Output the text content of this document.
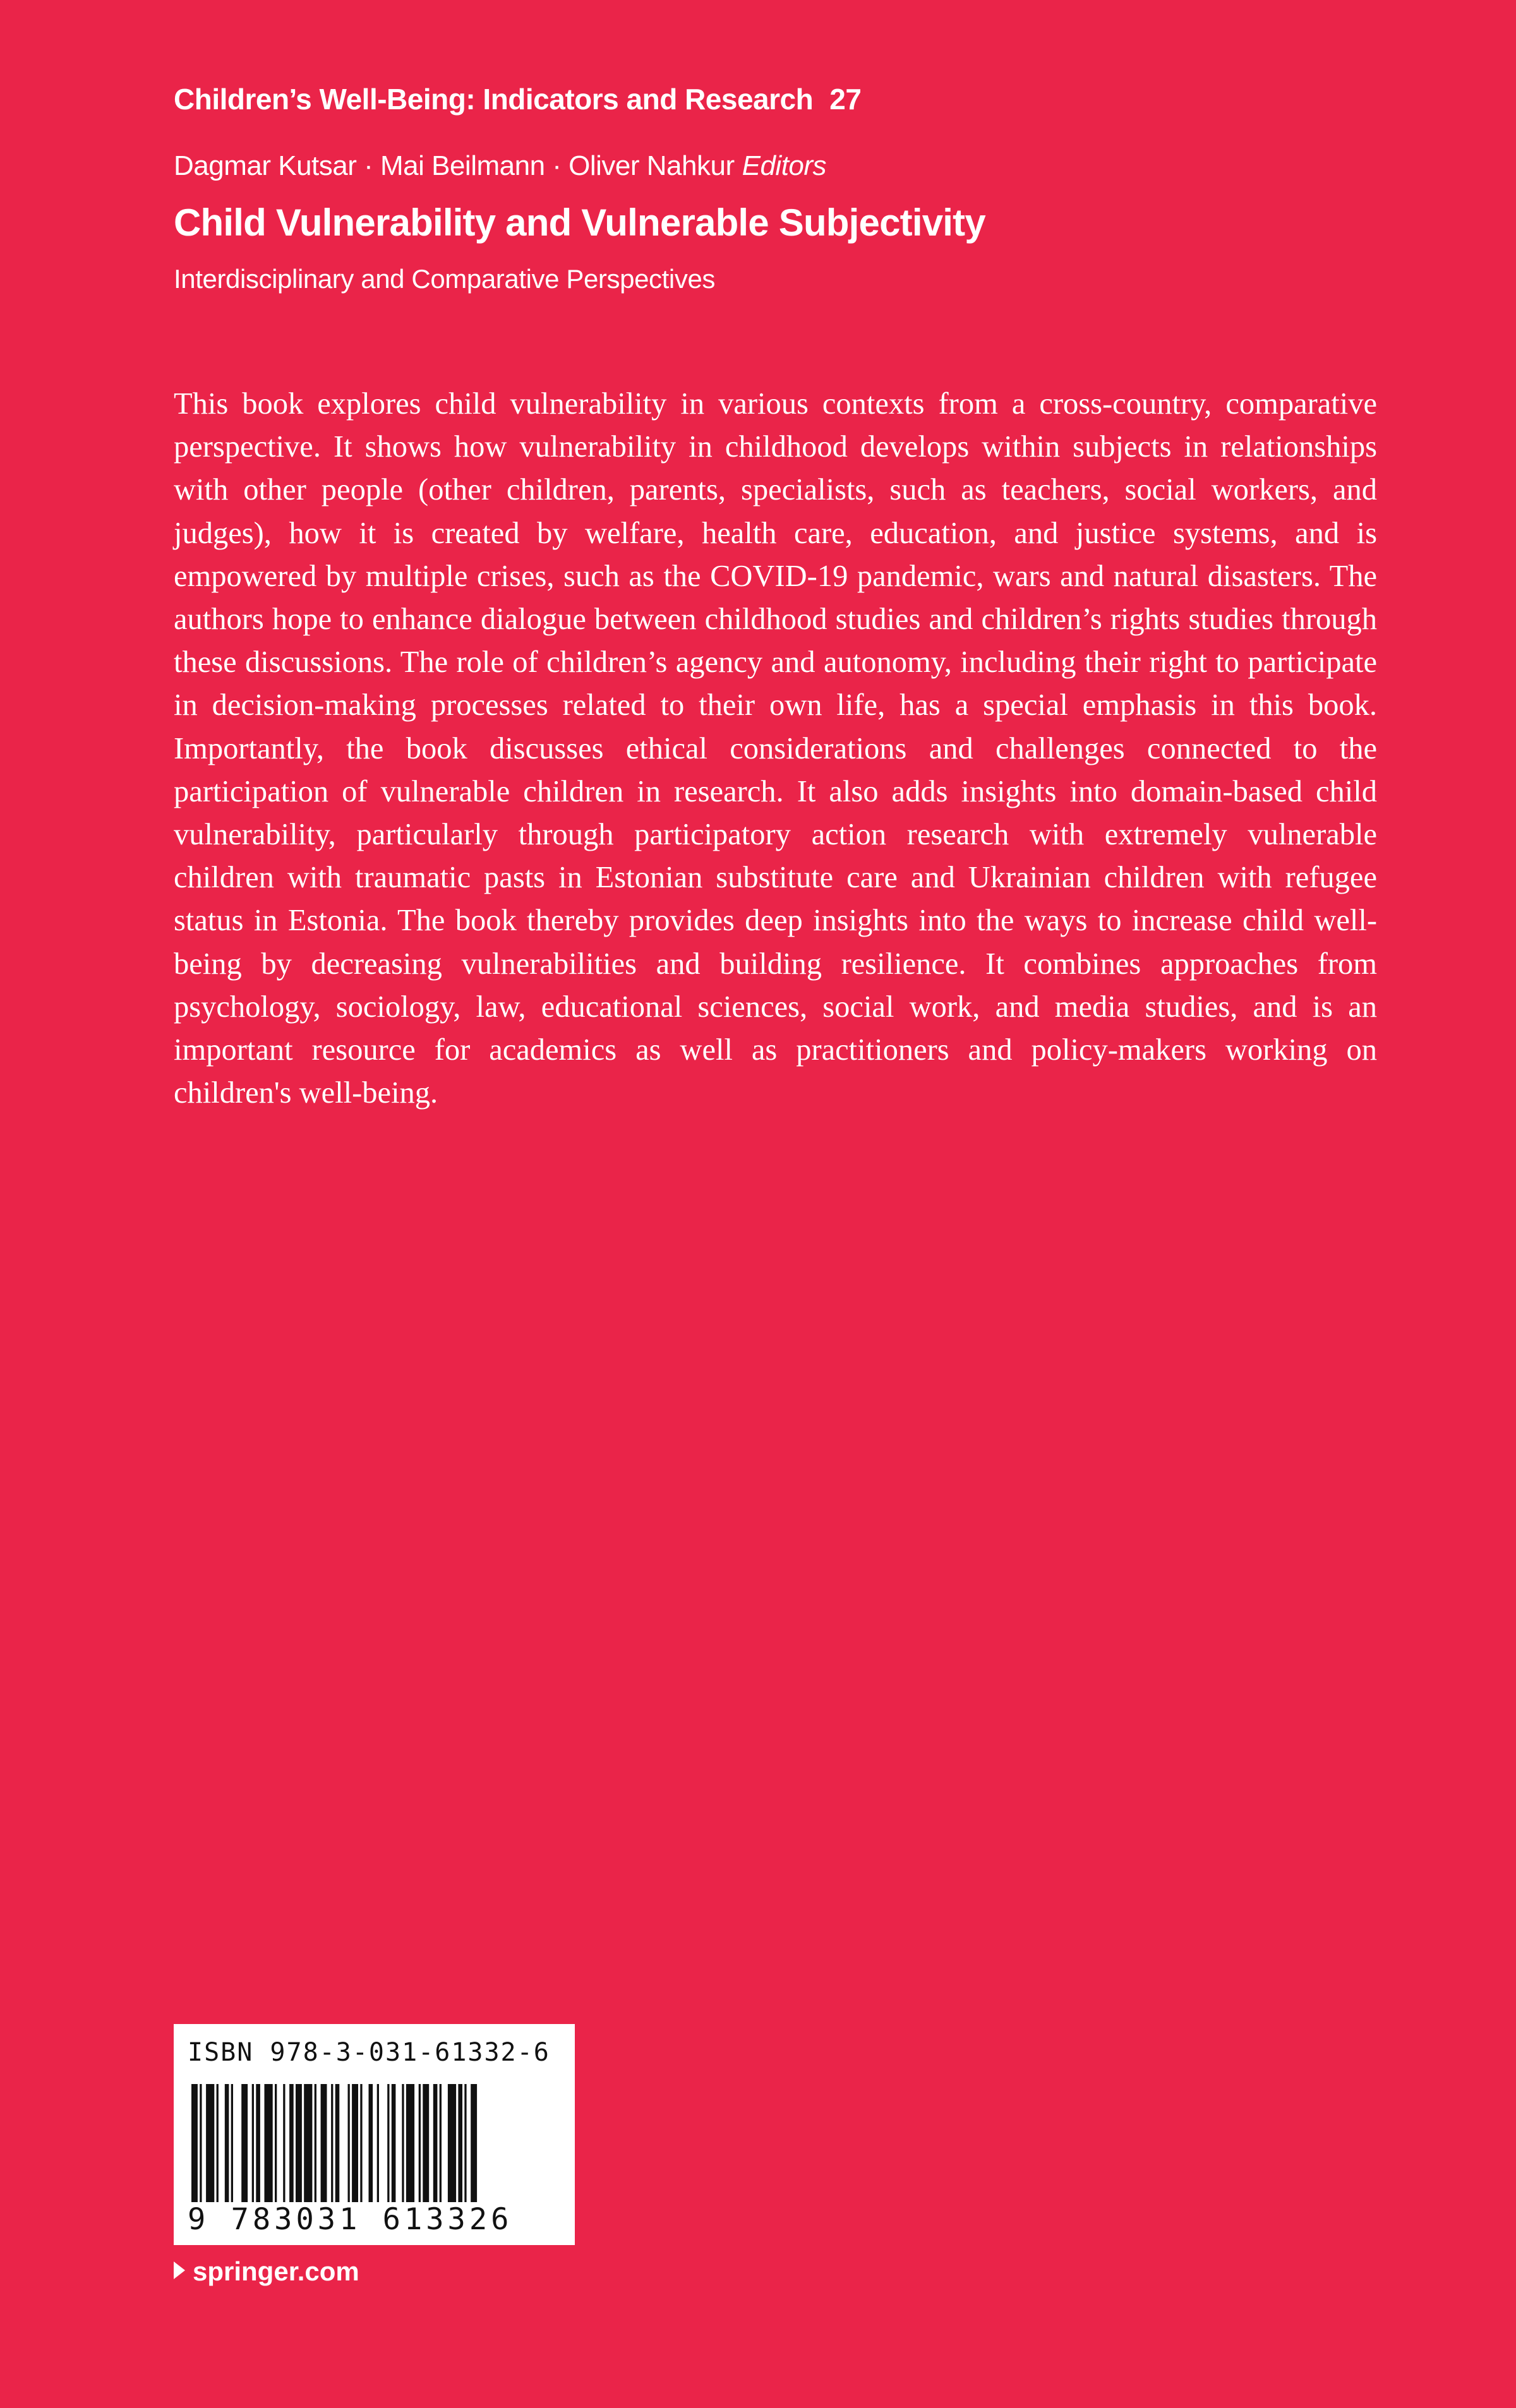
Children’s Well-Being: Indicators and Research 27
Dagmar Kutsar · Mai Beilmann · Oliver Nahkur Editors
Child Vulnerability and Vulnerable Subjectivity
Interdisciplinary and Comparative Perspectives

This book explores child vulnerability in various contexts from a cross-country, comparative perspective. It shows how vulnerability in childhood develops within subjects in relationships with other people (other children, parents, specialists, such as teachers, social workers, and judges), how it is created by welfare, health care, education, and justice systems, and is empowered by multiple crises, such as the COVID-19 pandemic, wars and natural disasters. The authors hope to enhance dialogue between childhood studies and children’s rights studies through these discussions. The role of children’s agency and autonomy, including their right to participate in decision-making processes related to their own life, has a special emphasis in this book. Importantly, the book discusses ethical considerations and challenges connected to the participation of vulnerable children in research. It also adds insights into domain-based child vulnerability, particularly through participatory action research with extremely vulnerable children with traumatic pasts in Estonian substitute care and Ukrainian children with refugee status in Estonia. The book thereby provides deep insights into the ways to increase child well-being by decreasing vulnerabilities and building resilience. It combines approaches from psychology, sociology, law, educational sciences, social work, and media studies, and is an important resource for academics as well as practitioners and policy-makers working on children's well-being.

ISBN 978-3-031-61332-6
9 783031 613326
springer.com
